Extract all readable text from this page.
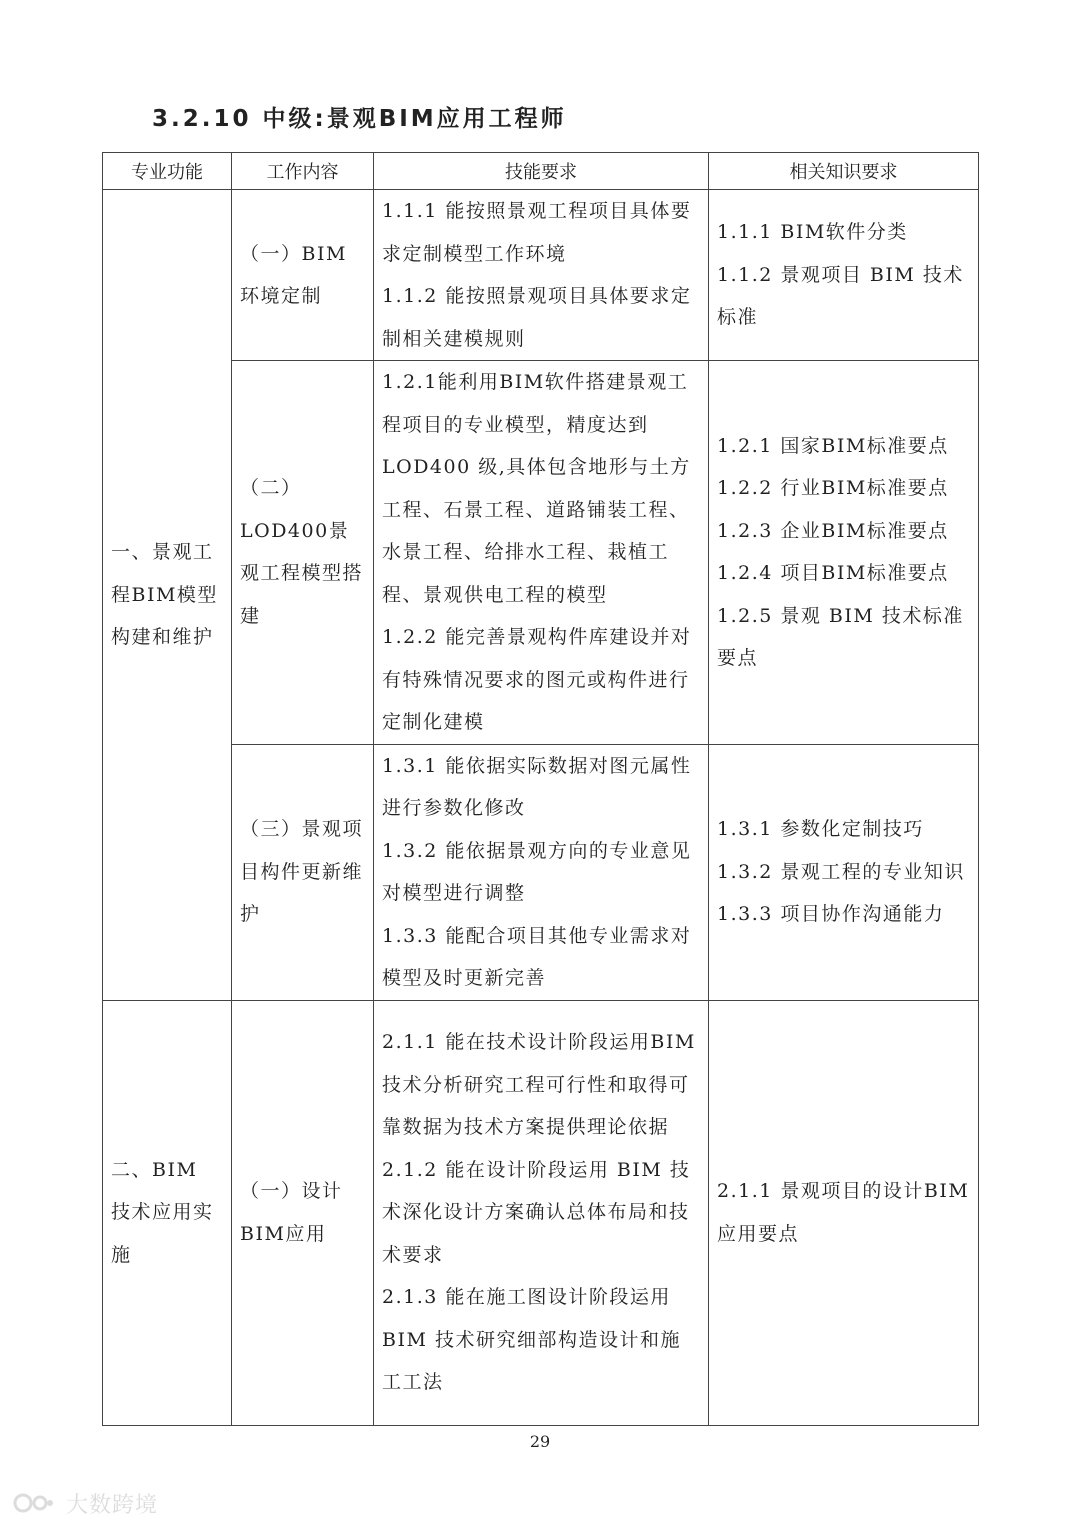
3.2.10 中级:景观BIM应用工程师
专业功能	工作内容	技能要求	相关知识要求
一、景观工程BIM模型构建和维护	（一）BIM环境定制	1.1.1 能按照景观工程项目具体要求定制模型工作环境
1.1.2 能按照景观项目具体要求定制相关建模规则	1.1.1 BIM软件分类
1.1.2 景观项目 BIM 技术标准

	（二）LOD400景观工程模型搭建	1.2.1能利用BIM软件搭建景观工程项目的专业模型，精度达到LOD400 级,具体包含地形与土方工程、石景工程、道路铺装工程、水景工程、给排水工程、栽植工程、景观供电工程的模型
1.2.2 能完善景观构件库建设并对有特殊情况要求的图元或构件进行定制化建模	1.2.1 国家BIM标准要点
1.2.2 行业BIM标准要点
1.2.3 企业BIM标准要点
1.2.4 项目BIM标准要点
1.2.5 景观 BIM 技术标准要点

	（三）景观项目构件更新维护	1.3.1 能依据实际数据对图元属性进行参数化修改
1.3.2 能依据景观方向的专业意见对模型进行调整
1.3.3 能配合项目其他专业需求对模型及时更新完善	1.3.1 参数化定制技巧
1.3.2 景观工程的专业知识
1.3.3 项目协作沟通能力

二、BIM 技术应用实施	（一）设计BIM应用	2.1.1 能在技术设计阶段运用BIM技术分析研究工程可行性和取得可靠数据为技术方案提供理论依据
2.1.2 能在设计阶段运用 BIM 技术深化设计方案确认总体布局和技术要求
2.1.3 能在施工图设计阶段运用BIM 技术研究细部构造设计和施工工法	2.1.1 景观项目的设计BIM应用要点

29

大数跨境
